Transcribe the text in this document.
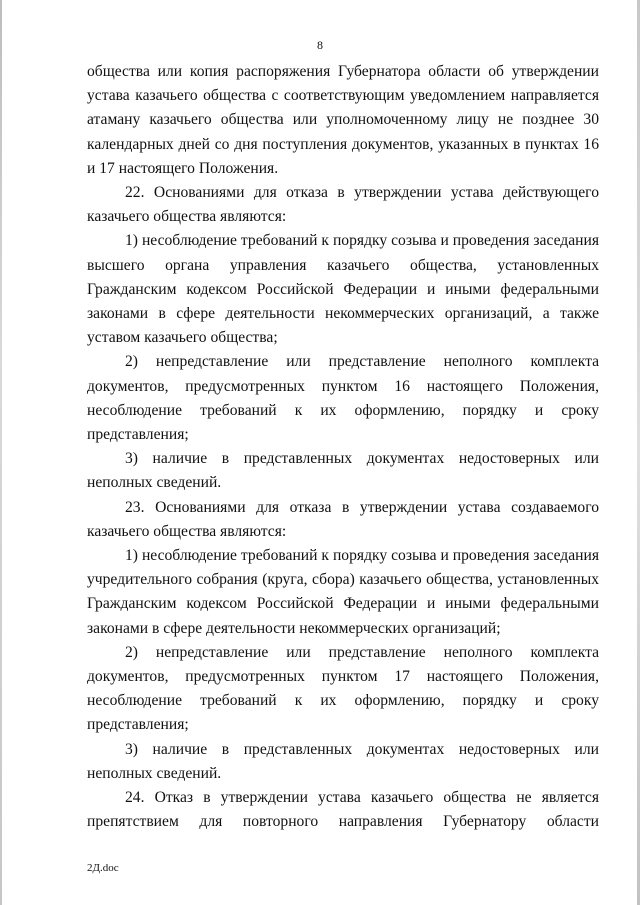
8

общества или копия распоряжения Губернатора области об утверждении устава казачьего общества с соответствующим уведомлением направляется атаману казачьего общества или уполномоченному лицу не позднее 30 календарных дней со дня поступления документов, указанных в пунктах 16 и 17 настоящего Положения.

22. Основаниями для отказа в утверждении устава действующего казачьего общества являются:

1) несоблюдение требований к порядку созыва и проведения заседания высшего органа управления казачьего общества, установленных Гражданским кодексом Российской Федерации и иными федеральными законами в сфере деятельности некоммерческих организаций, а также уставом казачьего общества;

2) непредставление или представление неполного комплекта документов, предусмотренных пунктом 16 настоящего Положения, несоблюдение требований к их оформлению, порядку и сроку представления;

3) наличие в представленных документах недостоверных или неполных сведений.

23. Основаниями для отказа в утверждении устава создаваемого казачьего общества являются:

1) несоблюдение требований к порядку созыва и проведения заседания учредительного собрания (круга, сбора) казачьего общества, установленных Гражданским кодексом Российской Федерации и иными федеральными законами в сфере деятельности некоммерческих организаций;

2) непредставление или представление неполного комплекта документов, предусмотренных пунктом 17 настоящего Положения, несоблюдение требований к их оформлению, порядку и сроку представления;

3) наличие в представленных документах недостоверных или неполных сведений.

24. Отказ в утверждении устава казачьего общества не является препятствием для повторного направления Губернатору области

2Д.doc
